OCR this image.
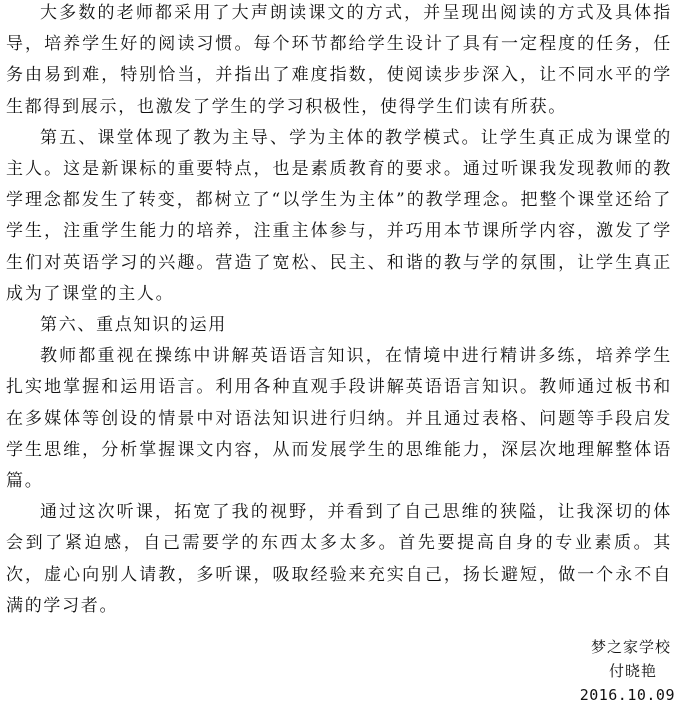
大多数的老师都采用了大声朗读课文的方式，并呈现出阅读的方式及具体指导，培养学生好的阅读习惯。每个环节都给学生设计了具有一定程度的任务，任务由易到难，特别恰当，并指出了难度指数，使阅读步步深入，让不同水平的学生都得到展示，也激发了学生的学习积极性，使得学生们读有所获。

第五、课堂体现了教为主导、学为主体的教学模式。让学生真正成为课堂的主人。这是新课标的重要特点，也是素质教育的要求。通过听课我发现教师的教学理念都发生了转变，都树立了“以学生为主体”的教学理念。把整个课堂还给了学生，注重学生能力的培养，注重主体参与，并巧用本节课所学内容，激发了学生们对英语学习的兴趣。营造了宽松、民主、和谐的教与学的氛围，让学生真正成为了课堂的主人。

第六、重点知识的运用

教师都重视在操练中讲解英语语言知识，在情境中进行精讲多练，培养学生扎实地掌握和运用语言。利用各种直观手段讲解英语语言知识。教师通过板书和在多媒体等创设的情景中对语法知识进行归纳。并且通过表格、问题等手段启发学生思维，分析掌握课文内容，从而发展学生的思维能力，深层次地理解整体语篇。

通过这次听课，拓宽了我的视野，并看到了自己思维的狭隘，让我深切的体会到了紧迫感，自己需要学的东西太多太多。首先要提高自身的专业素质。其次，虚心向别人请教，多听课，吸取经验来充实自己，扬长避短，做一个永不自满的学习者。

梦之家学校
付晓艳
2016.10.09
